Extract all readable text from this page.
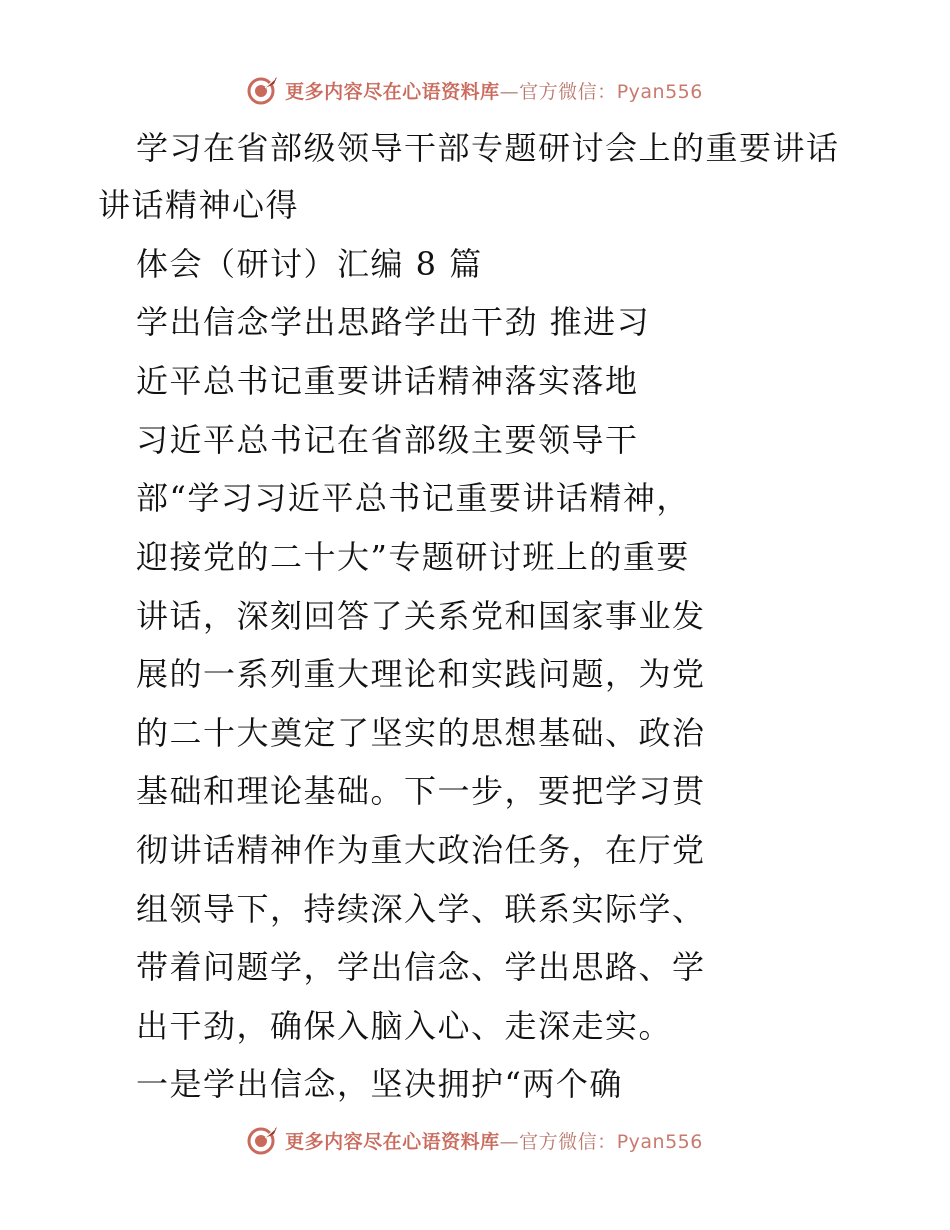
更多内容尽在心语资料库—官方微信：Pyan556
学习在省部级领导干部专题研讨会上的重要讲话
讲话精神心得
体会（研讨）汇编 8 篇
学出信念学出思路学出干劲 推进习
近平总书记重要讲话精神落实落地
习近平总书记在省部级主要领导干
部“学习习近平总书记重要讲话精神，
迎接党的二十大”专题研讨班上的重要
讲话，深刻回答了关系党和国家事业发
展的一系列重大理论和实践问题，为党
的二十大奠定了坚实的思想基础、政治
基础和理论基础。下一步，要把学习贯
彻讲话精神作为重大政治任务，在厅党
组领导下，持续深入学、联系实际学、
带着问题学，学出信念、学出思路、学
出干劲，确保入脑入心、走深走实。
一是学出信念，坚决拥护“两个确
更多内容尽在心语资料库—官方微信：Pyan556
